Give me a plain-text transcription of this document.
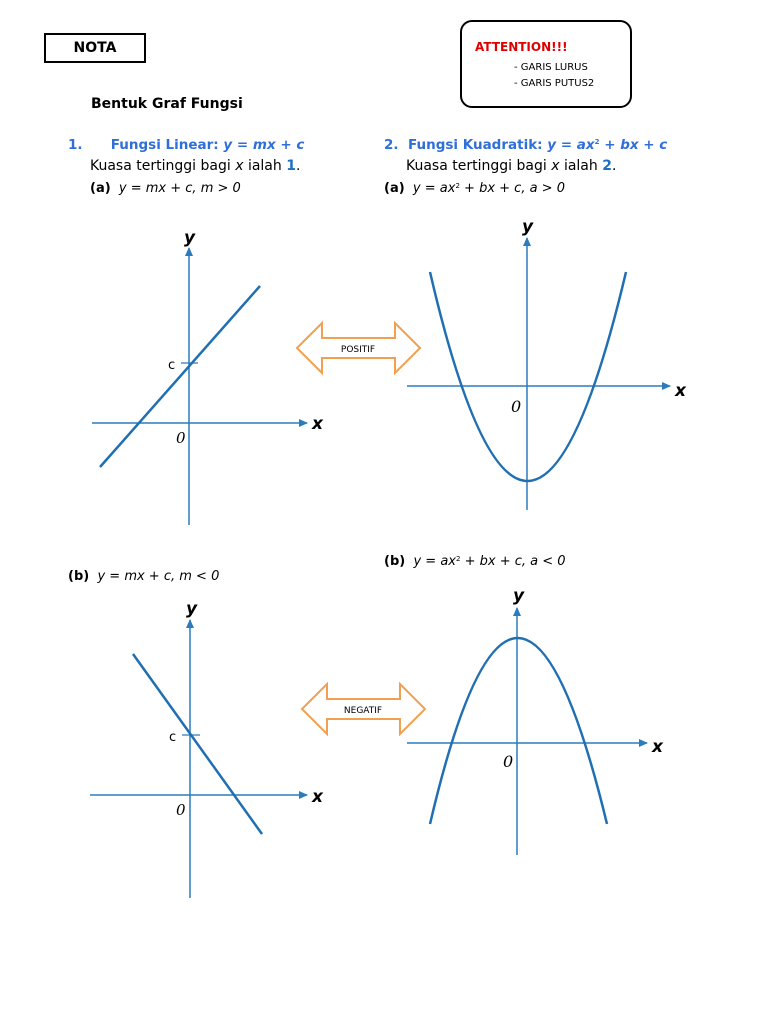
NOTA	ATTENTION!!!
- GARIS LURUS
- GARIS PUTUS2
Bentuk Graf Fungsi
1. Fungsi Linear: y = mx + c
Kuasa tertinggi bagi x ialah 1.
(a) y = mx + c, m > 0
2. Fungsi Kuadratik: $y = ax^2$ + bx + c
Kuasa tertinggi bagi x ialah 2.
(a) $y = ax^2$ + bx + c, a > 0
(b) y = mx + c, m < 0
(b) $y = ax^2$ + bx + c, a < 0
y
x
c
0
POSITIF
y
x
0
y
x
c
0
NEGATIF
y
x
0
